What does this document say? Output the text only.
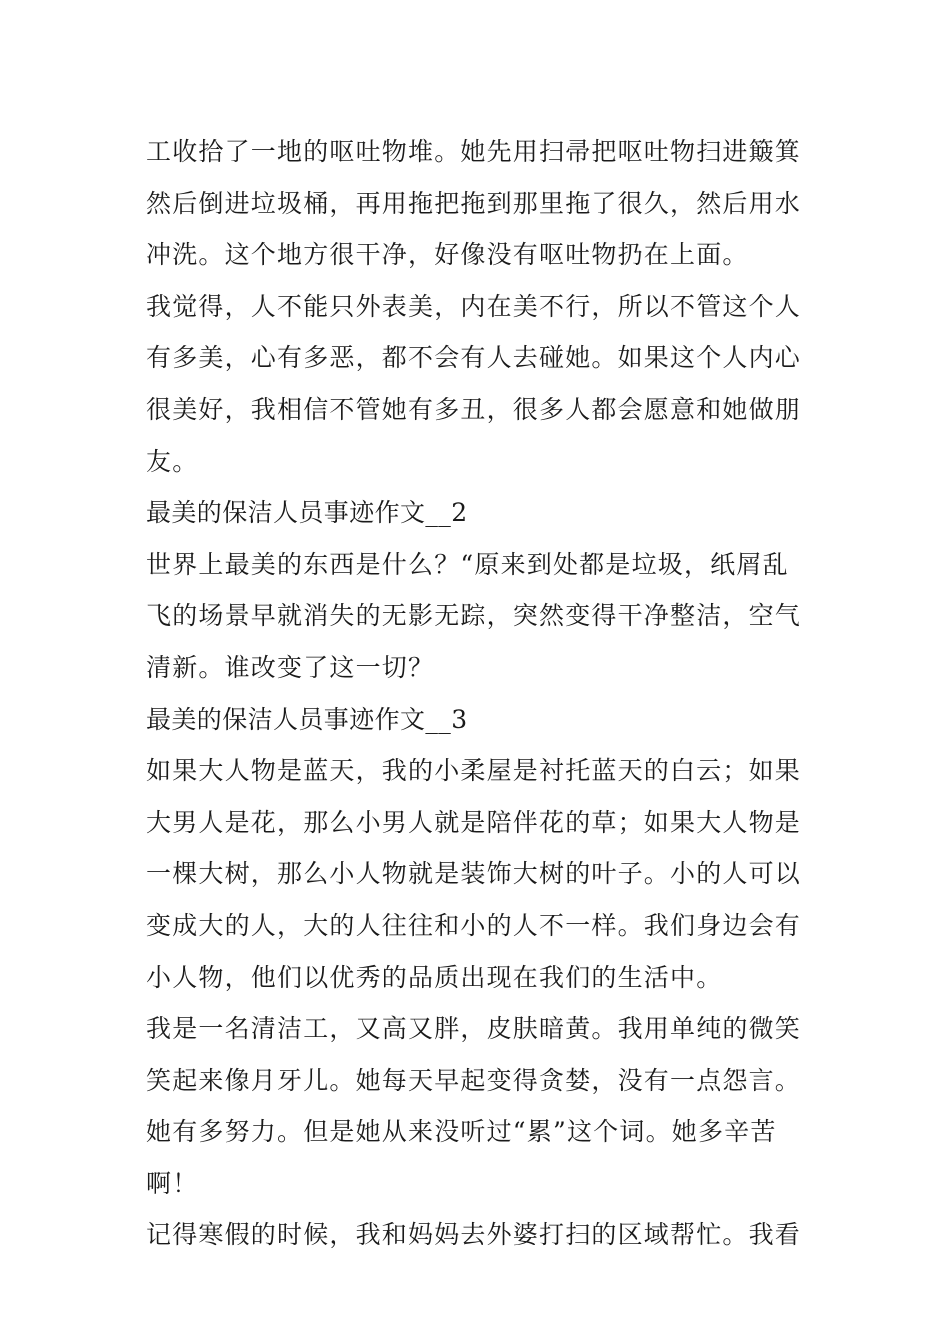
工收拾了一地的呕吐物堆。她先用扫帚把呕吐物扫进簸箕
然后倒进垃圾桶，再用拖把拖到那里拖了很久，然后用水
冲洗。这个地方很干净，好像没有呕吐物扔在上面。
我觉得，人不能只外表美，内在美不行，所以不管这个人
有多美，心有多恶，都不会有人去碰她。如果这个人内心
很美好，我相信不管她有多丑，很多人都会愿意和她做朋
友。
最美的保洁人员事迹作文__2
世界上最美的东西是什么？“原来到处都是垃圾，纸屑乱
飞的场景早就消失的无影无踪，突然变得干净整洁，空气
清新。谁改变了这一切？
最美的保洁人员事迹作文__3
如果大人物是蓝天，我的小柔屋是衬托蓝天的白云；如果
大男人是花，那么小男人就是陪伴花的草；如果大人物是
一棵大树，那么小人物就是装饰大树的叶子。小的人可以
变成大的人，大的人往往和小的人不一样。我们身边会有
小人物，他们以优秀的品质出现在我们的生活中。
我是一名清洁工，又高又胖，皮肤暗黄。我用单纯的微笑
笑起来像月牙儿。她每天早起变得贪婪，没有一点怨言。
她有多努力。但是她从来没听过“累”这个词。她多辛苦
啊！
记得寒假的时候，我和妈妈去外婆打扫的区域帮忙。我看
